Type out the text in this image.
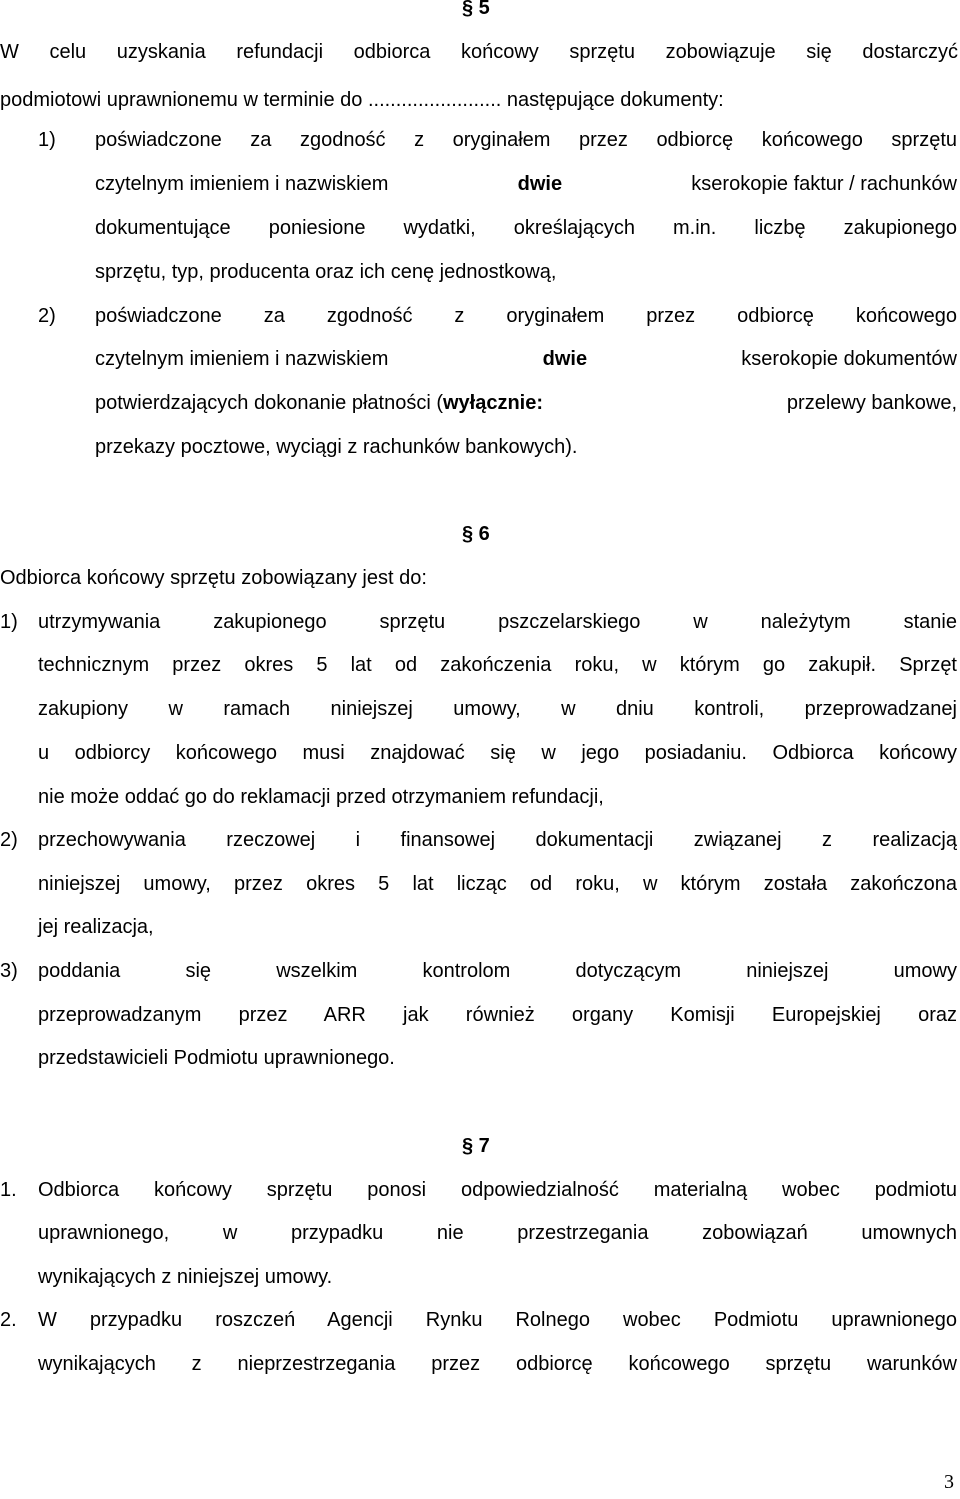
§ 5
W celu uzyskania refundacji odbiorca końcowy sprzętu zobowiązuje się dostarczyć
podmiotowi uprawnionemu w terminie do ........................ następujące dokumenty:
1) poświadczone za zgodność z oryginałem przez odbiorcę końcowego sprzętu
czytelnym imieniem i nazwiskiem	dwie	kserokopie faktur / rachunków
dokumentujące poniesione wydatki, określających m.in. liczbę zakupionego
sprzętu, typ, producenta oraz ich cenę jednostkową,
2) poświadczone za zgodność z oryginałem przez odbiorcę końcowego
czytelnym imieniem i nazwiskiem	dwie	kserokopie dokumentów
potwierdzających dokonanie płatności (wyłącznie:	przelewy bankowe,
przekazy pocztowe, wyciągi z rachunków bankowych).
§ 6
Odbiorca końcowy sprzętu zobowiązany jest do:
1) utrzymywania zakupionego sprzętu pszczelarskiego w należytym stanie
technicznym przez okres 5 lat od zakończenia roku, w którym go zakupił. Sprzęt
zakupiony w ramach niniejszej umowy, w dniu kontroli, przeprowadzanej
u odbiorcy końcowego musi znajdować się w jego posiadaniu. Odbiorca końcowy
nie może oddać go do reklamacji przed otrzymaniem refundacji,
2) przechowywania rzeczowej i finansowej dokumentacji związanej z realizacją
niniejszej umowy, przez okres 5 lat licząc od roku, w którym została zakończona
jej realizacja,
3) poddania się wszelkim kontrolom dotyczącym niniejszej umowy
przeprowadzanym przez ARR jak również organy Komisji Europejskiej oraz
przedstawicieli Podmiotu uprawnionego.
§ 7
1. Odbiorca końcowy sprzętu ponosi odpowiedzialność materialną wobec podmiotu
uprawnionego, w przypadku nie przestrzegania zobowiązań umownych
wynikających z niniejszej umowy.
2. W przypadku roszczeń Agencji Rynku Rolnego wobec Podmiotu uprawnionego
wynikających z nieprzestrzegania przez odbiorcę końcowego sprzętu warunków
3
